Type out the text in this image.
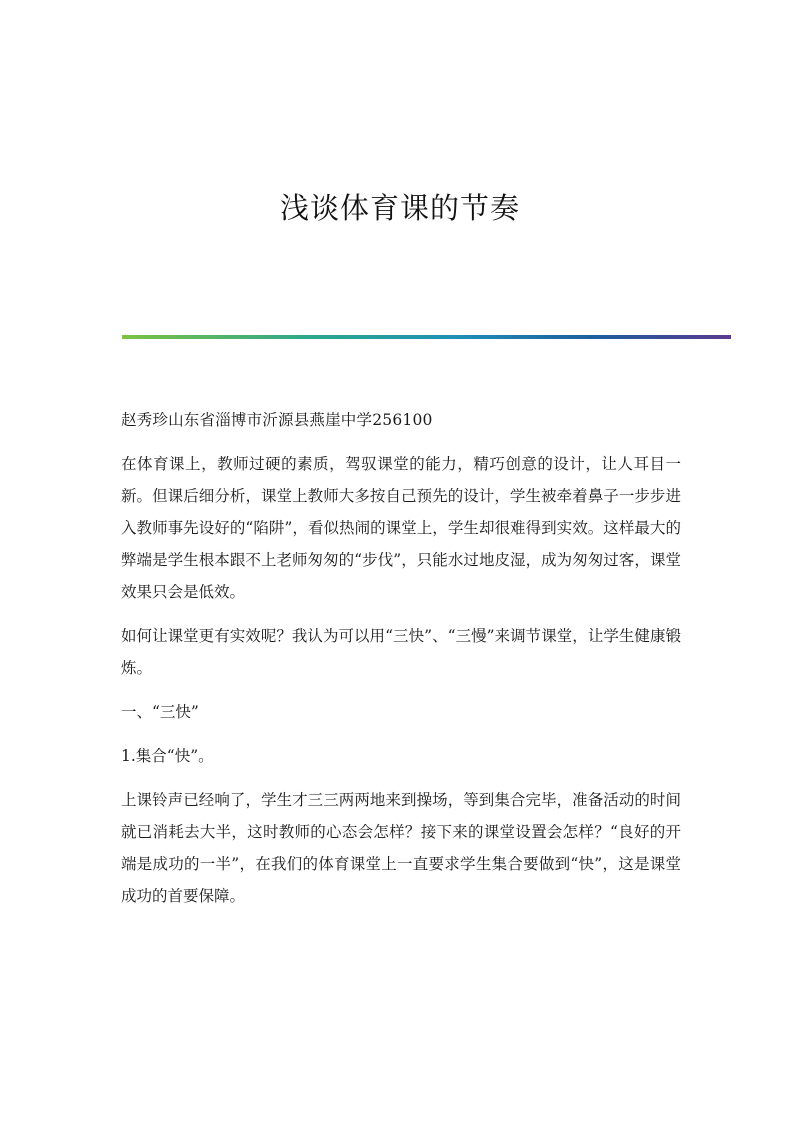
浅谈体育课的节奏

赵秀珍山东省淄博市沂源县燕崖中学256100

在体育课上，教师过硬的素质，驾驭课堂的能力，精巧创意的设计，让人耳目一新。但课后细分析，课堂上教师大多按自己预先的设计，学生被牵着鼻子一步步进入教师事先设好的“陷阱”，看似热闹的课堂上，学生却很难得到实效。这样最大的弊端是学生根本跟不上老师匆匆的“步伐”，只能水过地皮湿，成为匆匆过客，课堂效果只会是低效。

如何让课堂更有实效呢？我认为可以用“三快”、“三慢”来调节课堂，让学生健康锻炼。

一、“三快”

1.集合“快”。

上课铃声已经响了，学生才三三两两地来到操场，等到集合完毕，准备活动的时间就已消耗去大半，这时教师的心态会怎样？接下来的课堂设置会怎样？“良好的开端是成功的一半”，在我们的体育课堂上一直要求学生集合要做到“快”，这是课堂成功的首要保障。
